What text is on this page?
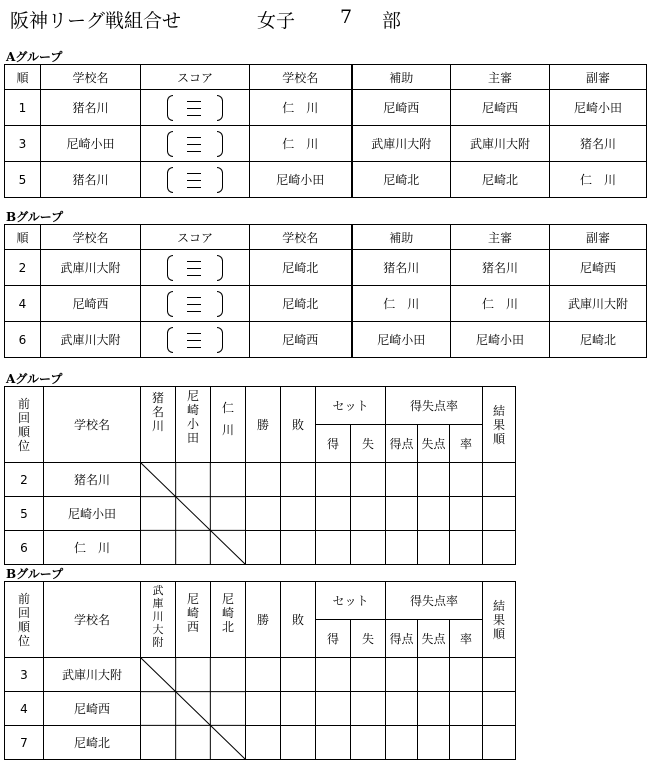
阪神リーグ戦組合せ	女子 7 部
Aグループ
順	学校名	スコア	学校名	補助	主審	副審
1	猪名川		仁　川	尼崎西	尼崎西	尼崎小田
3	尼崎小田		仁　川	武庫川大附	武庫川大附	猪名川
5	猪名川		尼崎小田	尼崎北	尼崎北	仁　川
Bグループ
順	学校名	スコア	学校名	補助	主審	副審
2	武庫川大附		尼崎北	猪名川	猪名川	尼崎西
4	尼崎西		尼崎北	仁　川	仁　川	武庫川大附
6	武庫川大附		尼崎西	尼崎小田	尼崎小田	尼崎北
Aグループ
前回順位	学校名	猪名川	尼崎小田	仁川	勝	敗	セット		得失点率			結果順
							得	失	得点	失点	率	
2	猪名川	

5	尼崎小田											
6	仁　川											
Bグループ
前回順位	学校名	武庫川大附	尼崎西	尼崎北	勝	敗	セット		得失点率			結果順
							得	失	得点	失点	率	
3	武庫川大附	

4	尼崎西											
7	尼崎北											
